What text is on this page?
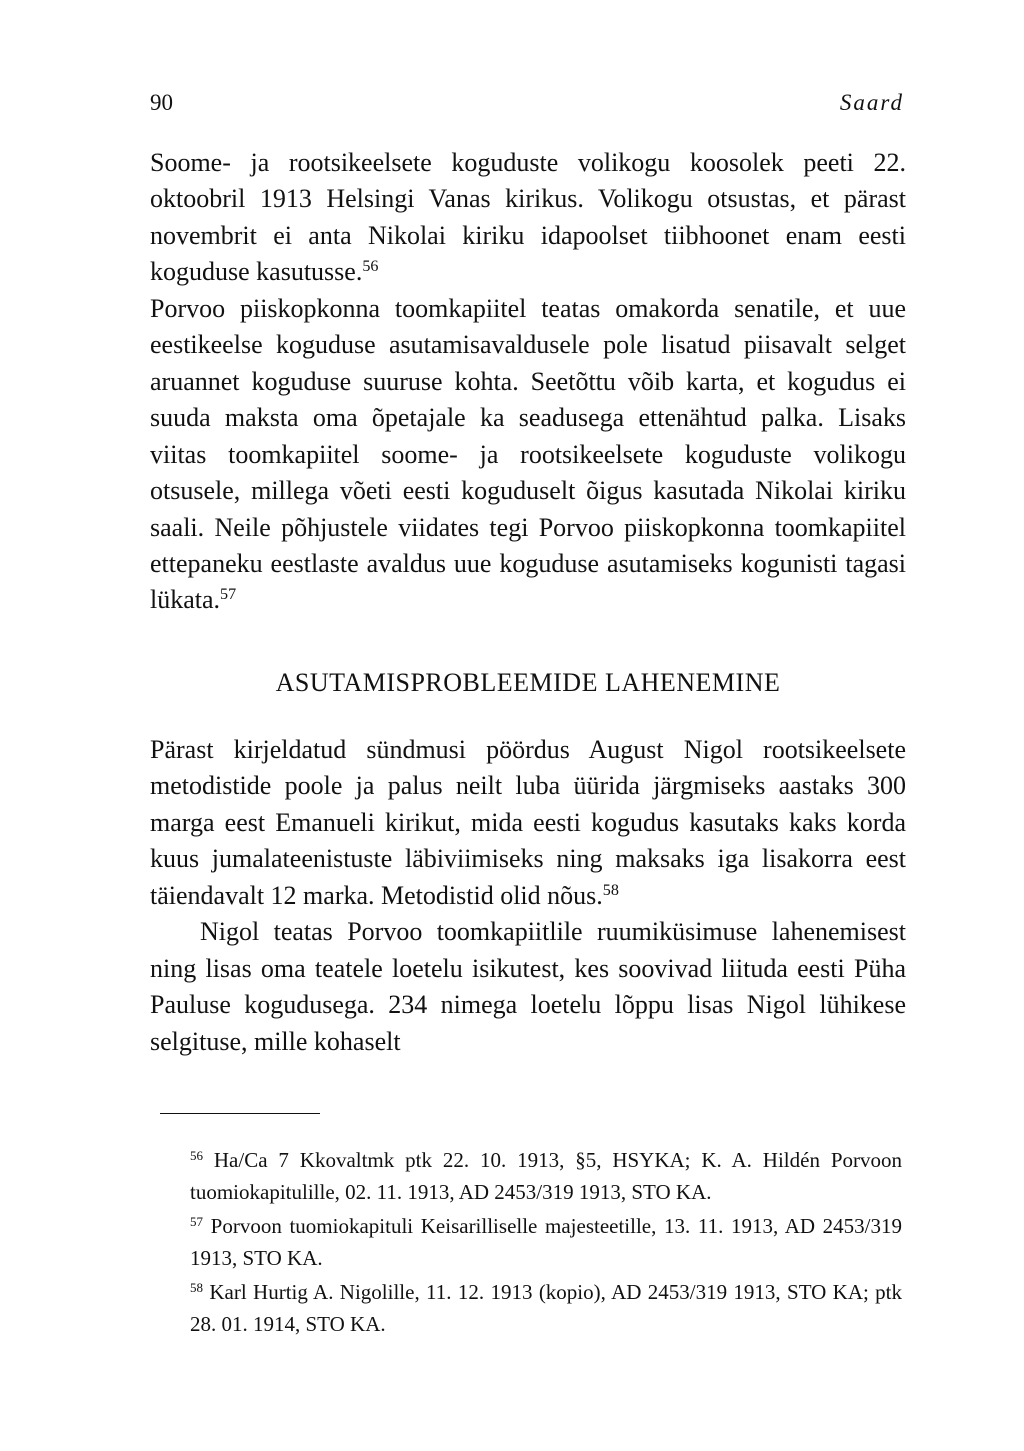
90	Saard

Soome- ja rootsikeelsete koguduste volikogu koosolek peeti 22. oktoobril 1913 Helsingi Vanas kirikus. Volikogu otsustas, et pärast novembrit ei anta Nikolai kiriku idapoolset tiibhoonet enam eesti koguduse kasutusse.$^{56}$

Porvoo piiskopkonna toomkapiitel teatas omakorda senatile, et uue eestikeelse koguduse asutamisavaldusele pole lisatud piisavalt selget aruannet koguduse suuruse kohta. Seetõttu võib karta, et kogudus ei suuda maksta oma õpetajale ka seadusega ettenähtud palka. Lisaks viitas toomkapiitel soome- ja rootsikeelsete koguduste volikogu otsusele, millega võeti eesti koguduselt õigus kasutada Nikolai kiriku saali. Neile põhjustele viidates tegi Porvoo piiskopkonna toomkapiitel ettepaneku eestlaste avaldus uue koguduse asutamiseks kogunisti tagasi lükata.$^{57}$

ASUTAMISPROBLEEMIDE LAHENEMINE

Pärast kirjeldatud sündmusi pöördus August Nigol rootsikeelsete metodistide poole ja palus neilt luba üürida järgmiseks aastaks 300 marga eest Emanueli kirikut, mida eesti kogudus kasutaks kaks korda kuus jumalateenistuste läbiviimiseks ning maksaks iga lisakorra eest täiendavalt 12 marka. Metodistid olid nõus.$^{58}$

Nigol teatas Porvoo toomkapiitlile ruumiküsimuse lahenemisest ning lisas oma teatele loetelu isikutest, kes soovivad liituda eesti Püha Pauluse kogudusega. 234 nimega loetelu lõppu lisas Nigol lühikese selgituse, mille kohaselt

$^{56}$ Ha/Ca 7 Kkovaltmk ptk 22. 10. 1913, §5, HSYKA; K. A. Hildén Porvoon tuomiokapitulille, 02. 11. 1913, AD 2453/319 1913, STO KA.

$^{57}$ Porvoon tuomiokapituli Keisarilliselle majesteetille, 13. 11. 1913, AD 2453/319 1913, STO KA.

$^{58}$ Karl Hurtig A. Nigolille, 11. 12. 1913 (kopio), AD 2453/319 1913, STO KA; ptk 28. 01. 1914, STO KA.
